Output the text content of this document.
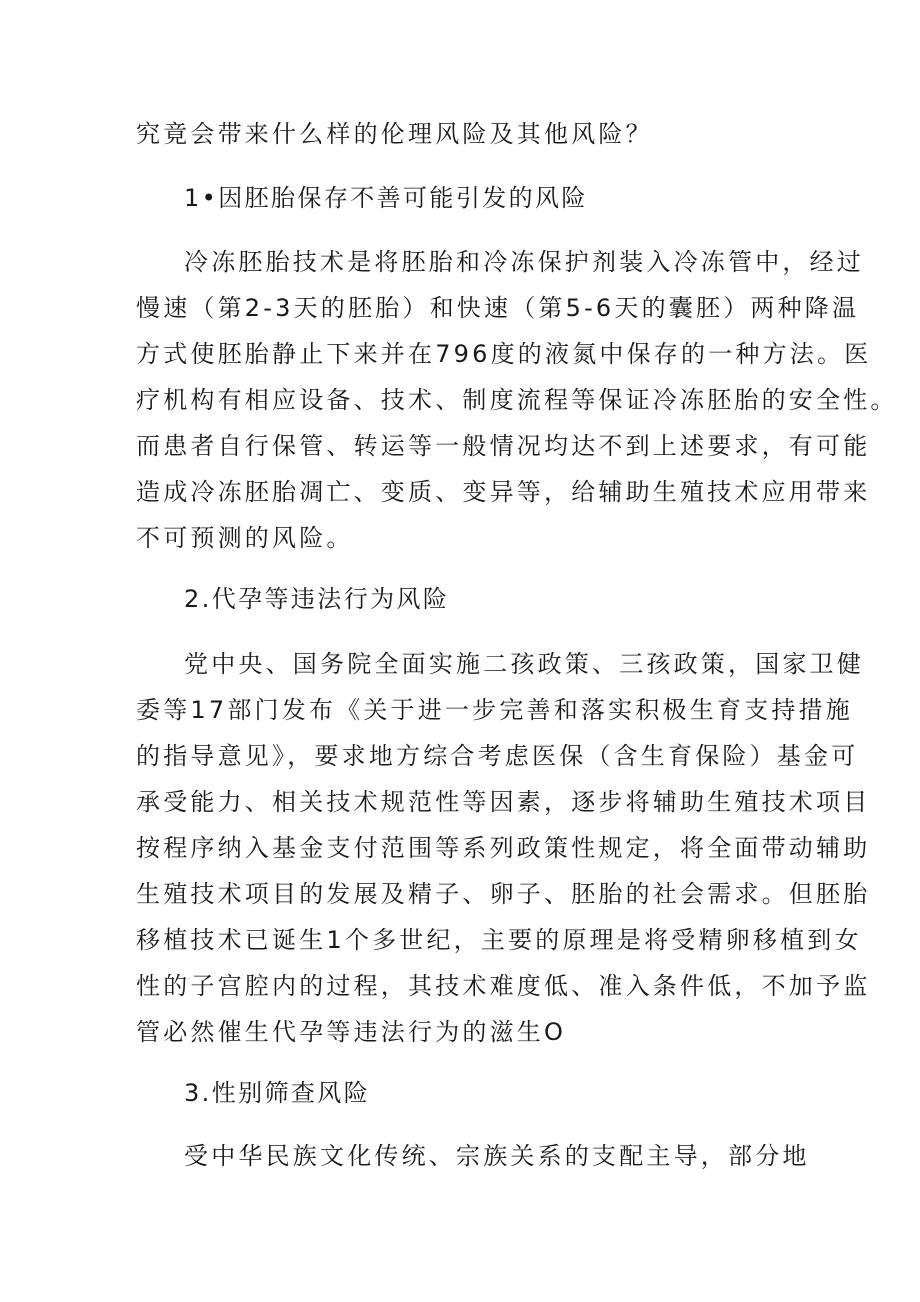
究竟会带来什么样的伦理风险及其他风险？
1•因胚胎保存不善可能引发的风险
冷冻胚胎技术是将胚胎和冷冻保护剂装入冷冻管中，经过
慢速（第2-3天的胚胎）和快速（第5-6天的囊胚）两种降温
方式使胚胎静止下来并在796度的液氮中保存的一种方法。医
疗机构有相应设备、技术、制度流程等保证冷冻胚胎的安全性。
而患者自行保管、转运等一般情况均达不到上述要求，有可能
造成冷冻胚胎凋亡、变质、变异等，给辅助生殖技术应用带来
不可预测的风险。
2.代孕等违法行为风险
党中央、国务院全面实施二孩政策、三孩政策，国家卫健
委等17部门发布《关于进一步完善和落实积极生育支持措施
的指导意见》，要求地方综合考虑医保（含生育保险）基金可
承受能力、相关技术规范性等因素，逐步将辅助生殖技术项目
按程序纳入基金支付范围等系列政策性规定，将全面带动辅助
生殖技术项目的发展及精子、卵子、胚胎的社会需求。但胚胎
移植技术已诞生1个多世纪，主要的原理是将受精卵移植到女
性的子宫腔内的过程，其技术难度低、准入条件低，不加予监
管必然催生代孕等违法行为的滋生O
3.性别筛查风险
受中华民族文化传统、宗族关系的支配主导，部分地
